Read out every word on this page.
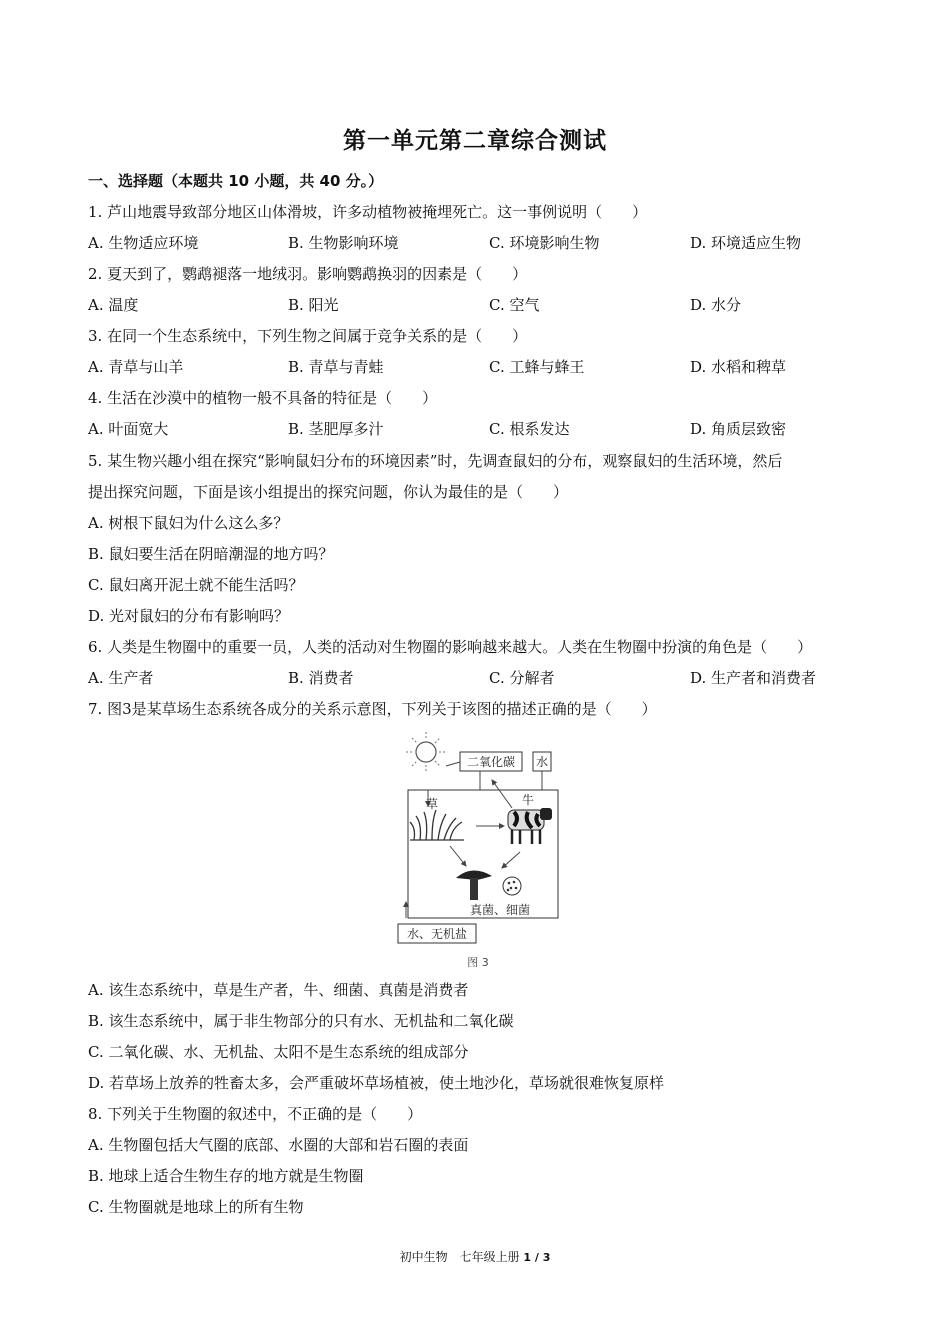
第一单元第二章综合测试
一、选择题（本题共 10 小题，共 40 分。）
1. 芦山地震导致部分地区山体滑坡，许多动植物被掩埋死亡。这一事例说明（　　）
A. 生物适应环境	B. 生物影响环境	C. 环境影响生物	D. 环境适应生物
2. 夏天到了，鹦鹉褪落一地绒羽。影响鹦鹉换羽的因素是（　　）
A. 温度	B. 阳光	C. 空气	D. 水分
3. 在同一个生态系统中，下列生物之间属于竞争关系的是（　　）
A. 青草与山羊	B. 青草与青蛙	C. 工蜂与蜂王	D. 水稻和稗草
4. 生活在沙漠中的植物一般不具备的特征是（　　）
A. 叶面宽大	B. 茎肥厚多汁	C. 根系发达	D. 角质层致密
5. 某生物兴趣小组在探究“影响鼠妇分布的环境因素”时，先调查鼠妇的分布，观察鼠妇的生活环境，然后
提出探究问题，下面是该小组提出的探究问题，你认为最佳的是（　　）
A. 树根下鼠妇为什么这么多？
B. 鼠妇要生活在阴暗潮湿的地方吗？
C. 鼠妇离开泥土就不能生活吗？
D. 光对鼠妇的分布有影响吗？
6. 人类是生物圈中的重要一员，人类的活动对生物圈的影响越来越大。人类在生物圈中扮演的角色是（　　）
A. 生产者	B. 消费者	C. 分解者	D. 生产者和消费者
7. 图3是某草场生态系统各成分的关系示意图，下列关于该图的描述正确的是（　　）
二氧化碳 水
草	牛
真菌、细菌
水、无机盐
图 3
A. 该生态系统中，草是生产者，牛、细菌、真菌是消费者
B. 该生态系统中，属于非生物部分的只有水、无机盐和二氧化碳
C. 二氧化碳、水、无机盐、太阳不是生态系统的组成部分
D. 若草场上放养的牲畜太多，会严重破坏草场植被，使土地沙化，草场就很难恢复原样
8. 下列关于生物圈的叙述中，不正确的是（　　）
A. 生物圈包括大气圈的底部、水圈的大部和岩石圈的表面
B. 地球上适合生物生存的地方就是生物圈
C. 生物圈就是地球上的所有生物
初中生物　七年级上册 1 / 3
